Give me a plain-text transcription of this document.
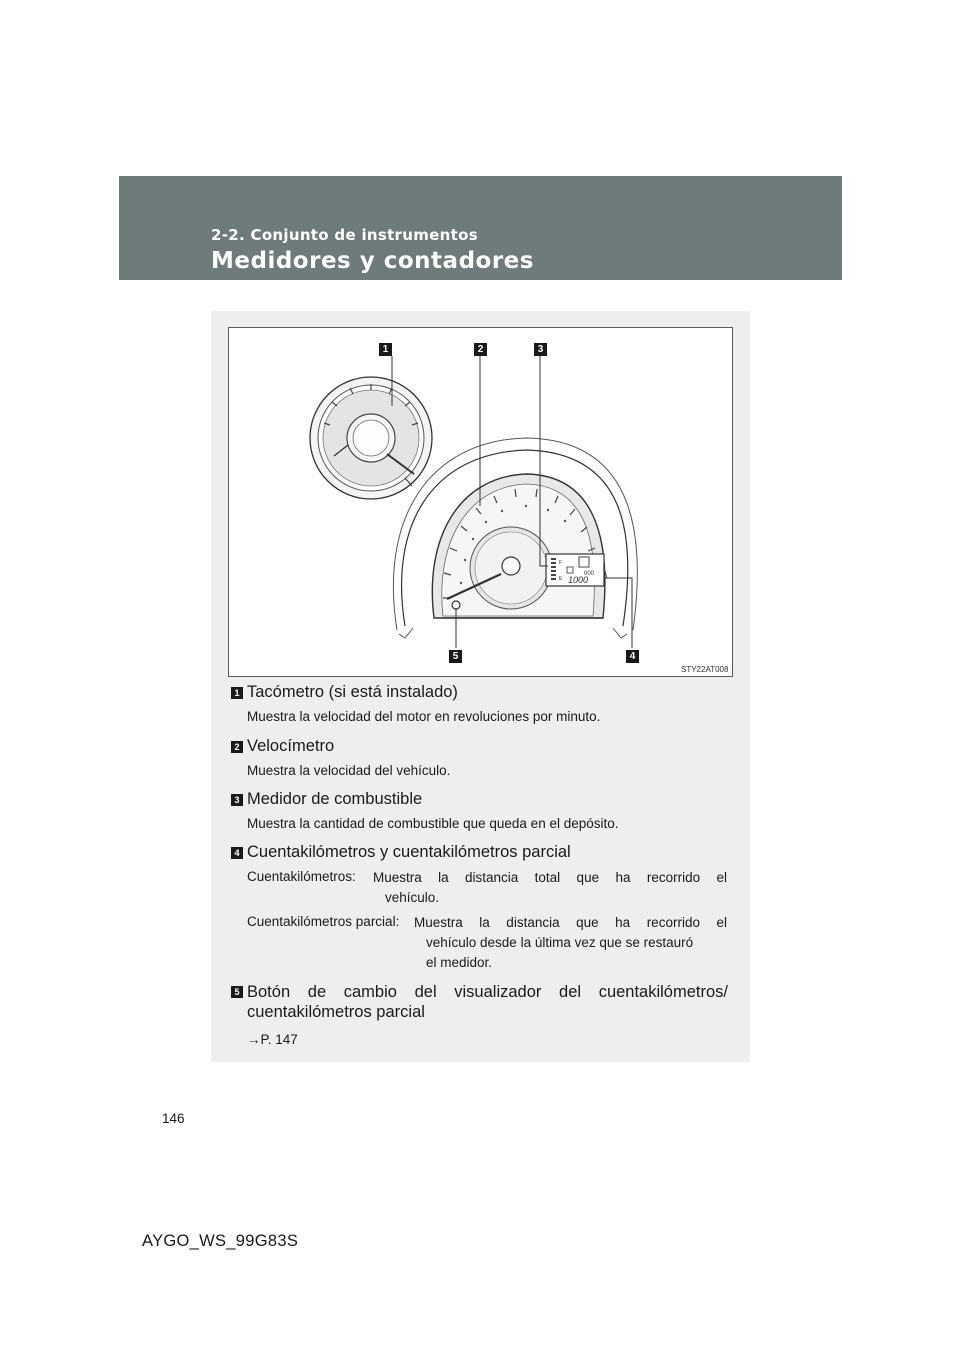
2-2. Conjunto de instrumentos
Medidores y contadores
F
E
000
1000
1	2	3
4
5
STY22AT008
1 Tacómetro (si está instalado)
Muestra la velocidad del motor en revoluciones por minuto.
2 Velocímetro
Muestra la velocidad del vehículo.
3 Medidor de combustible
Muestra la cantidad de combustible que queda en el depósito.
4 Cuentakilómetros y cuentakilómetros parcial
Cuentakilómetros: Muestra la distancia total que ha recorrido el
vehículo.
Cuentakilómetros parcial: Muestra la distancia que ha recorrido el
vehículo desde la última vez que se restauró
el medidor.
5 Botón de cambio del visualizador del cuentakilómetros/
cuentakilómetros parcial
→P. 147
146
AYGO_WS_99G83S
